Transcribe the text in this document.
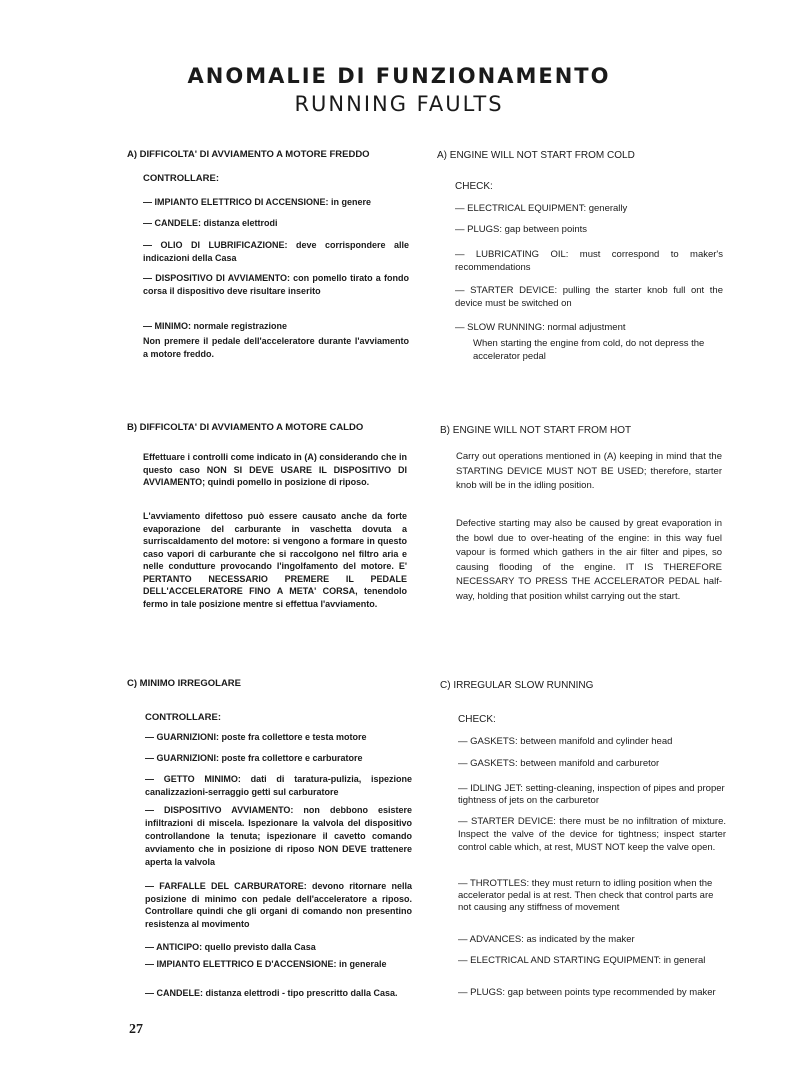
ANOMALIE DI FUNZIONAMENTO
RUNNING FAULTS
A) DIFFICOLTA' DI AVVIAMENTO A MOTORE FREDDO
CONTROLLARE:

— IMPIANTO ELETTRICO DI ACCENSIONE: in genere

— CANDELE: distanza elettrodi

— OLIO DI LUBRIFICAZIONE: deve corrispondere alle indicazioni della Casa

— DISPOSITIVO DI AVVIAMENTO: con pomello tirato a fondo corsa il dispositivo deve risultare inserito

— MINIMO: normale registrazione

Non premere il pedale dell'acceleratore durante l'avviamento a motore freddo.

A) ENGINE WILL NOT START FROM COLD
CHECK:

— ELECTRICAL EQUIPMENT: generally

— PLUGS: gap between points

— LUBRICATING OIL: must correspond to maker's recommendations

— STARTER DEVICE: pulling the starter knob full ont the device must be switched on

— SLOW RUNNING: normal adjustment

When starting the engine from cold, do not depress the accelerator pedal

B) DIFFICOLTA' DI AVVIAMENTO A MOTORE CALDO

Effettuare i controlli come indicato in (A) considerando che in questo caso NON SI DEVE USARE IL DISPOSITIVO DI AVVIAMENTO; quindi pomello in posizione di riposo.

L'avviamento difettoso può essere causato anche da forte evaporazione del carburante in vaschetta dovuta a surriscaldamento del motore: si vengono a formare in questo caso vapori di carburante che si raccolgono nel filtro aria e nelle condutture provocando l'ingolfamento del motore. E' PERTANTO NECESSARIO PREMERE IL PEDALE DELL'ACCELERATORE FINO A META' CORSA, tenendolo fermo in tale posizione mentre si effettua l'avviamento.

B) ENGINE WILL NOT START FROM HOT

Carry out operations mentioned in (A) keeping in mind that the STARTING DEVICE MUST NOT BE USED; therefore, starter knob will be in the idling position.

Defective starting may also be caused by great evaporation in the bowl due to over-heating of the engine: in this way fuel vapour is formed which gathers in the air filter and pipes, so causing flooding of the engine. IT IS THEREFORE NECESSARY TO PRESS THE ACCELERATOR PEDAL half-way, holding that position whilst carrying out the start.

C) MINIMO IRREGOLARE
CONTROLLARE:

— GUARNIZIONI: poste fra collettore e testa motore

— GUARNIZIONI: poste fra collettore e carburatore

— GETTO MINIMO: dati di taratura-pulizia, ispezione canalizzazioni-serraggio getti sul carburatore

— DISPOSITIVO AVVIAMENTO: non debbono esistere infiltrazioni di miscela. Ispezionare la valvola del dispositivo controllandone la tenuta; ispezionare il cavetto comando avviamento che in posizione di riposo NON DEVE trattenere aperta la valvola

— FARFALLE DEL CARBURATORE: devono ritornare nella posizione di minimo con pedale dell'acceleratore a riposo. Controllare quindi che gli organi di comando non presentino resistenza al movimento

— ANTICIPO: quello previsto dalla Casa

— IMPIANTO ELETTRICO E D'ACCENSIONE: in generale

— CANDELE: distanza elettrodi - tipo prescritto dalla Casa.

C) IRREGULAR SLOW RUNNING
CHECK:

— GASKETS: between manifold and cylinder head

— GASKETS: between manifold and carburetor

— IDLING JET: setting-cleaning, inspection of pipes and proper tightness of jets on the carburetor

— STARTER DEVICE: there must be no infiltration of mixture. Inspect the valve of the device for tightness; inspect starter control cable which, at rest, MUST NOT keep the valve open.

— THROTTLES: they must return to idling position when the accelerator pedal is at rest. Then check that control parts are not causing any stiffness of movement

— ADVANCES: as indicated by the maker

— ELECTRICAL AND STARTING EQUIPMENT: in general

— PLUGS: gap between points type recommended by maker

27
